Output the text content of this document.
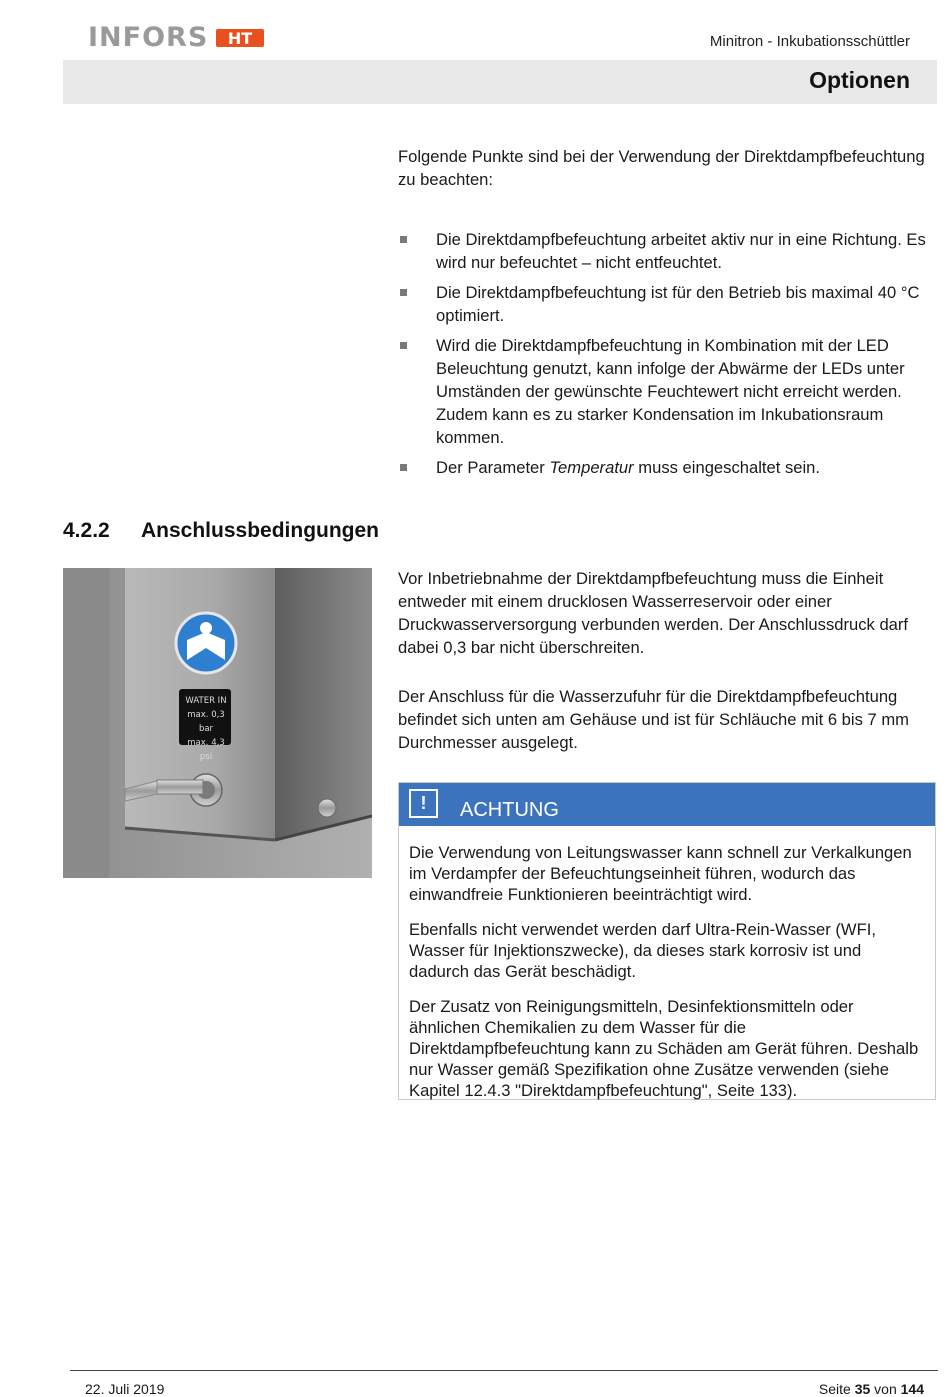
INFORS HT	Minitron - Inkubationsschüttler
Optionen

Folgende Punkte sind bei der Verwendung der Direktdampfbefeuchtung zu beachten:

Die Direktdampfbefeuchtung arbeitet aktiv nur in eine Richtung. Es wird nur befeuchtet – nicht entfeuchtet.
Die Direktdampfbefeuchtung ist für den Betrieb bis maximal 40 °C optimiert.
Wird die Direktdampfbefeuchtung in Kombination mit der LED Beleuchtung genutzt, kann infolge der Abwärme der LEDs unter Umständen der gewünschte Feuchtewert nicht erreicht werden. Zudem kann es zu starker Kondensation im Inkubationsraum kommen.
Der Parameter Temperatur muss eingeschaltet sein.
4.2.2 Anschlussbedingungen
WATER IN
max. 0,3 bar
max. 4,3 psi

Vor Inbetriebnahme der Direktdampfbefeuchtung muss die Einheit entweder mit einem drucklosen Wasserreservoir oder einer Druckwasserversorgung verbunden werden. Der Anschlussdruck darf dabei 0,3 bar nicht überschreiten.

Der Anschluss für die Wasserzufuhr für die Direktdampfbefeuchtung befindet sich unten am Gehäuse und ist für Schläuche mit 6 bis 7 mm Durchmesser ausgelegt.

!	ACHTUNG

Die Verwendung von Leitungswasser kann schnell zur Verkalkungen im Verdampfer der Befeuchtungseinheit führen, wodurch das einwandfreie Funktionieren beeinträchtigt wird.

Ebenfalls nicht verwendet werden darf Ultra-Rein-Wasser (WFI, Wasser für Injektionszwecke), da dieses stark korrosiv ist und dadurch das Gerät beschädigt.

Der Zusatz von Reinigungsmitteln, Desinfektionsmitteln oder ähnlichen Chemikalien zu dem Wasser für die Direktdampfbefeuchtung kann zu Schäden am Gerät führen. Deshalb nur Wasser gemäß Spezifikation ohne Zusätze verwenden (siehe Kapitel 12.4.3 "Direktdampfbefeuchtung", Seite 133).

22. Juli 2019	Seite 35 von 144
